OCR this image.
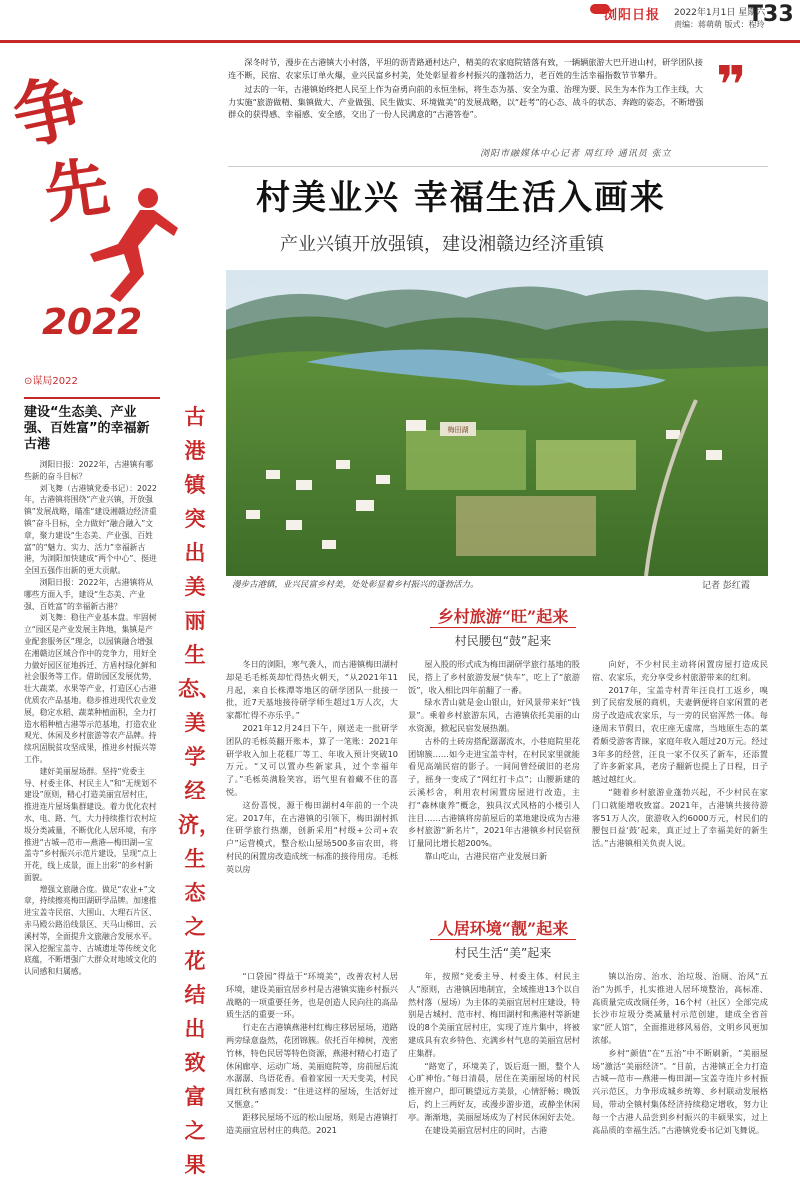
浏阳日报 2022年1月1日 星期六
责编：蒋萌萌 版式：程玲
T33
争
先
2022

深冬时节，漫步在古港镇大小村落，平坦的沥青路通村达户，精美的农家庭院错落有致，一辆辆旅游大巴开进山村，研学团队接连不断，民宿、农家乐订单火爆，业兴民富乡村美，处处彰显着乡村振兴的蓬勃活力，老百姓的生活幸福指数节节攀升。

过去的一年，古港镇始终把人民至上作为奋勇向前的永恒坐标，将生态为基、安全为重、治理为要、民生为本作为工作主线，大力实施“旅游做精、集镇做大、产业做强、民生做实、环境做美”的发展战略，以“赶考”的心态、战斗的状态、奔跑的姿态，不断增强群众的获得感、幸福感、安全感，交出了一份人民满意的“古港答卷”。	❞
浏阳市融媒体中心记者 周红玲 通讯员 张立
村美业兴 幸福生活入画来
产业兴镇开放强镇，建设湘赣边经济重镇
梅田湖
漫步古港镇，业兴民富乡村美，处处彰显着乡村振兴的蓬勃活力。	记者 彭红霞
⊙谋局2022
建设“生态美、产业强、百姓富”的幸福新古港

浏阳日报：2022年，古港镇有哪些新的奋斗目标？

刘飞舞（古港镇党委书记）：2022年，古港镇将围绕“产业兴镇，开放强镇”发展战略，瞄准“建设湘赣边经济重镇”奋斗目标，全力做好“融合融入”文章，聚力建设“生态美、产业强、百姓富”的“魅力、实力、活力”幸福新古港，为浏阳加快建成“两个中心”、挺进全国五强作出新的更大贡献。

浏阳日报：2022年，古港镇将从哪些方面入手，建设“生态美、产业强、百姓富”的幸福新古港？

刘飞舞：稳住产业基本盘。牢固树立“园区是产业发展主阵地，集镇是产业配套服务区”理念，以园镇融合增强在湘赣边区域合作中的竞争力，用好全力做好园区征地拆迁、方盾村绿化鲜和社会服务等工作。借助园区发展优势，壮大蔬菜、水果等产业，打造区心古港优质农产品基地。稳步推进现代农业发展，稳定水稻、蔬菜种植面积，全力打造水稻种植古港等示范基地，打造农业观光、休闲及乡村旅游等农产品牌。持续巩固脱贫攻坚成果，推进乡村振兴等工作。

建好美丽屋场群。坚持“党委主导、村委主体、村民主人”和“无规划不建设”原则，精心打造美丽宜居村庄，推进连片屋场集群建设。着力优化农村水、电、路、气，大力持续推行农村垃圾分类减量，不断优化人居环境，有序推进“古城—范市—燕港—梅田湖—宝盖寺”乡村振兴示范片建设，呈现“点上开花，线上成景，面上出彩”的乡村新面貌。

增强文旅融合度。做足“农业+”文章，持续擦亮梅田湖研学品牌。加速推进宝盖寺民宿、大围山、大理石片区、赤马殿公路沿线景区、天马山梯田、云溪村等，全面提升文旅融合发展水平。深入挖掘宝盖寺、古城遗址等传统文化底蕴，不断增强广大群众对地域文化的认同感和归属感。

古港镇突出美丽生态、美学经济，生态之花结出致富之果
乡村旅游“旺”起来
村民腰包“鼓”起来

冬日的浏阳，寒气袭人，而古港镇梅田湖村却是毛毛栎英却忙得热火朝天，“从2021年11月起，来自长株潭等地区的研学团队一批接一批，近7天基地接待研学师生超过1万人次，大家都忙得不亦乐乎。”

2021年12月24日下午，刚送走一批研学团队的毛栎英翻开账本，算了一笔账：2021年研学收入加上花糕厂等工、年收入预计突破10万元。“又可以置办些新家具，过个幸福年了。”毛栎英满脸笑容，语气里有着藏不住的喜悦。

这份喜悦，源于梅田湖村4年前的一个决定。2017年，在古港镇的引领下，梅田湖村抓住研学旅行热潮，创新采用“村级+公司+农户”运营模式，整合松山屋场500多亩农田，将村民的闲置房改造成统一标准的接待用房。毛栎英以房

屋入股的形式成为梅田湖研学旅行基地的股民，搭上了乡村旅游发展“快车”，吃上了“旅游饭”，收入相比四年前翻了一番。

绿水青山就是金山银山，好风景带来好“钱景”。乘着乡村旅游东风，古港镇依托美丽的山水资源，掀起民宿发展热潮。

古朴的土砖房搭配潺潺流水，小巷庭院里花团锦簇……如今走进宝盖寺村，在村民家里就能看见高端民宿的影子。一间间曾经破旧的老房子，摇身一变成了“网红打卡点”；山腰新建的云溪杉舍，利用农村闲置房屋进行改造，主打“森林康养”概念，独具汉式风格的小楼引人注目……古港镇将房前屋后的菜地建设成为古港乡村旅游“新名片”，2021年古港镇乡村民宿预订量同比增长超200%。

靠山吃山，古港民宿产业发展日新

向好，不少村民主动将闲置房屋打造成民宿、农家乐，充分享受乡村旅游带来的红利。

2017年，宝盖寺村青年汪良打工返乡，嗅到了民宿发展的商机，夫妻俩便将自家闲置的老房子改造成农家乐，与一旁的民宿浑然一体。每逢周末节假日，农庄座无虚席，当地原生态的菜肴颇受游客青睐，家庭年收入超过20万元。经过3年多的经营，汪良一家不仅买了新车，还添置了许多新家具，老房子翻新也提上了日程，日子越过越红火。

“随着乡村旅游业蓬勃兴起，不少村民在家门口就能增收致富。2021年，古港镇共接待游客51万人次，旅游收入约6000万元，村民们的腰包日益‘鼓’起来，真正过上了幸福美好的新生活。”古港镇相关负责人说。

人居环境“靓”起来
村民生活“美”起来

“口袋园”得益于“环境美”，改善农村人居环境，建设美丽宜居乡村是古港镇实施乡村振兴战略的一项重要任务，也是创造人民向往的高品质生活的重要一环。

行走在古港镇燕港村红梅庄移居屋场，道路两旁绿意盎然，花团锦簇。依托百年樟树，茂密竹林，特色民居等特色资源，燕港村精心打造了休闲廊亭、运动广场、美丽庭院等，房前屋后流水潺潺、鸟语花香。看着家园一天天变美，村民周红秋有感而发：“住进这样的屋场，生活好过又惬意。”

距移民屋场不远的松山屋场，则是古港镇打造美丽宜居村庄的典范。2021

年，按照“党委主导、村委主体、村民主人”原则，古港镇因地制宜，全域推进13个以自然村落（屋场）为主体的美丽宜居村庄建设，特别是古城村、范市村、梅田湖村和燕港村等新建设的8个美丽宜居村庄，实现了连片集中，将被建成具有农乡特色、充满乡村气息的美丽宜居村庄集群。

“路宽了，环境美了，饭后逛一圈，整个人心旷神怡。”每日清晨，居住在美丽屋场的村民推开窗户，即可眺望远方美景，心情舒畅；晚饭后，约上三两好友，或漫步游步道，或静坐休闲亭。渐渐地，美丽屋场成为了村民休闲好去处。

在建设美丽宜居村庄的同时，古港

镇以治房、治水、治垃圾、治厕、治风“五治”为抓手，扎实推进人居环境整治，高标准、高质量完成改厕任务，16个村（社区）全部完成长沙市垃圾分类减量村示范创建，建成全省首家“匠人馆”，全面推进移风易俗，文明乡风更加浓郁。

乡村“颜值”在“五治”中不断刷新，“美丽屋场”激活“美丽经济”。“目前，古港镇正全力打造古城—范市—燕港—梅田湖—宝盖寺连片乡村振兴示范区，力争形成城乡统筹、乡村联动发展格局，带动全镇村集体经济持续稳定增收，努力让每一个古港人品尝到乡村振兴的丰硕果实，过上高品质的幸福生活。”古港镇党委书记刘飞舞说。
